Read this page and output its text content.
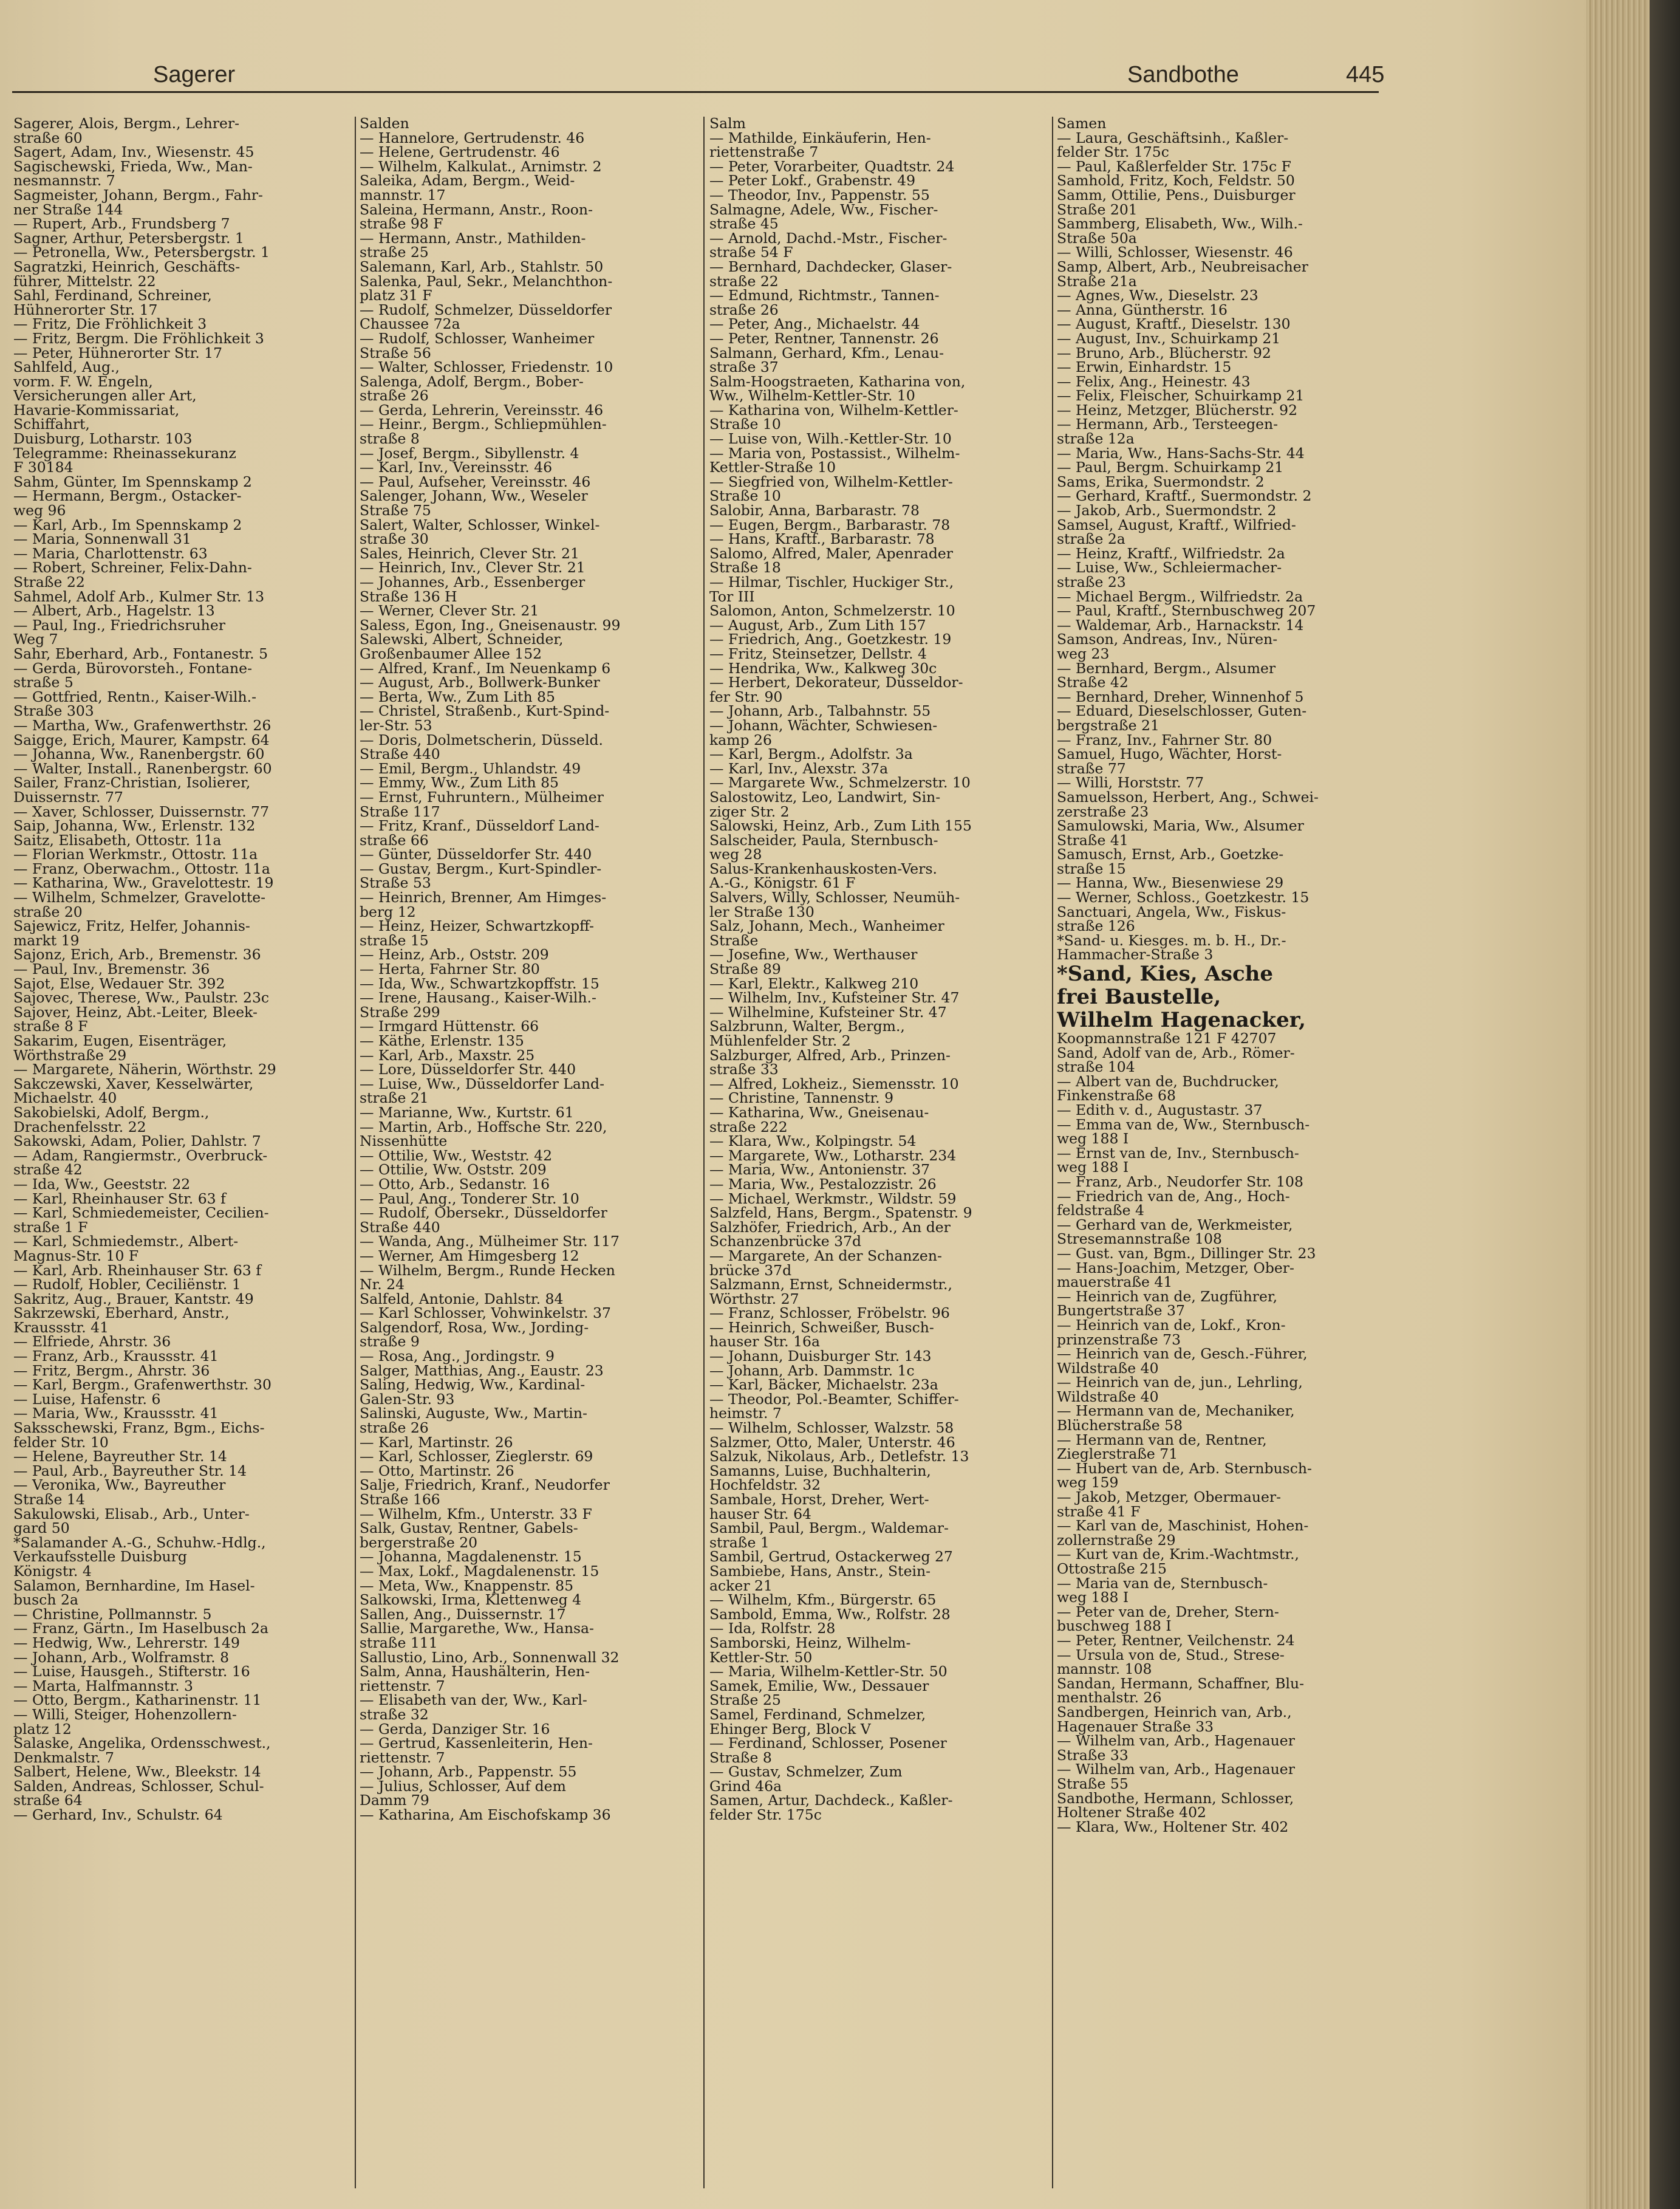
Sagerer	Sandbothe	445
Sagerer, Alois, Bergm., Lehrer-
straße 60
Sagert, Adam, Inv., Wiesenstr. 45
Sagischewski, Frieda, Ww., Man-
nesmannstr. 7
Sagmeister, Johann, Bergm., Fahr-
ner Straße 144
— Rupert, Arb., Frundsberg 7
Sagner, Arthur, Petersbergstr. 1
— Petronella, Ww., Petersbergstr. 1
Sagratzki, Heinrich, Geschäfts-
führer, Mittelstr. 22
Sahl, Ferdinand, Schreiner,
Hühnerorter Str. 17
— Fritz, Die Fröhlichkeit 3
— Fritz, Bergm. Die Fröhlichkeit 3
— Peter, Hühnerorter Str. 17
Sahlfeld, Aug.,
vorm. F. W. Engeln,
Versicherungen aller Art,
Havarie-Kommissariat,
Schiffahrt,
Duisburg, Lotharstr. 103
Telegramme: Rheinassekuranz
F 30184
Sahm, Günter, Im Spennskamp 2
— Hermann, Bergm., Ostacker-
weg 96
— Karl, Arb., Im Spennskamp 2
— Maria, Sonnenwall 31
— Maria, Charlottenstr. 63
— Robert, Schreiner, Felix-Dahn-
Straße 22
Sahmel, Adolf Arb., Kulmer Str. 13
— Albert, Arb., Hagelstr. 13
— Paul, Ing., Friedrichsruher
Weg 7
Sahr, Eberhard, Arb., Fontanestr. 5
— Gerda, Bürovorsteh., Fontane-
straße 5
— Gottfried, Rentn., Kaiser-Wilh.-
Straße 303
— Martha, Ww., Grafenwerthstr. 26
Saigge, Erich, Maurer, Kampstr. 64
— Johanna, Ww., Ranenbergstr. 60
— Walter, Install., Ranenbergstr. 60
Sailer, Franz-Christian, Isolierer,
Duissernstr. 77
— Xaver, Schlosser, Duissernstr. 77
Saip, Johanna, Ww., Erlenstr. 132
Saitz, Elisabeth, Ottostr. 11a
— Florian Werkmstr., Ottostr. 11a
— Franz, Oberwachm., Ottostr. 11a
— Katharina, Ww., Gravelottestr. 19
— Wilhelm, Schmelzer, Gravelotte-
straße 20
Sajewicz, Fritz, Helfer, Johannis-
markt 19
Sajonz, Erich, Arb., Bremenstr. 36
— Paul, Inv., Bremenstr. 36
Sajot, Else, Wedauer Str. 392
Sajovec, Therese, Ww., Paulstr. 23c
Sajover, Heinz, Abt.-Leiter, Bleek-
straße 8 F
Sakarim, Eugen, Eisenträger,
Wörthstraße 29
— Margarete, Näherin, Wörthstr. 29
Sakczewski, Xaver, Kesselwärter,
Michaelstr. 40
Sakobielski, Adolf, Bergm.,
Drachenfelsstr. 22
Sakowski, Adam, Polier, Dahlstr. 7
— Adam, Rangiermstr., Overbruck-
straße 42
— Ida, Ww., Geeststr. 22
— Karl, Rheinhauser Str. 63 f
— Karl, Schmiedemeister, Cecilien-
straße 1 F
— Karl, Schmiedemstr., Albert-
Magnus-Str. 10 F
— Karl, Arb. Rheinhauser Str. 63 f
— Rudolf, Hobler, Ceciliënstr. 1
Sakritz, Aug., Brauer, Kantstr. 49
Sakrzewski, Eberhard, Anstr.,
Kraussstr. 41
— Elfriede, Ahrstr. 36
— Franz, Arb., Kraussstr. 41
— Fritz, Bergm., Ahrstr. 36
— Karl, Bergm., Grafenwerthstr. 30
— Luise, Hafenstr. 6
— Maria, Ww., Kraussstr. 41
Saksschewski, Franz, Bgm., Eichs-
felder Str. 10
— Helene, Bayreuther Str. 14
— Paul, Arb., Bayreuther Str. 14
— Veronika, Ww., Bayreuther
Straße 14
Sakulowski, Elisab., Arb., Unter-
gard 50
*Salamander A.-G., Schuhw.-Hdlg.,
Verkaufsstelle Duisburg
Königstr. 4
Salamon, Bernhardine, Im Hasel-
busch 2a
— Christine, Pollmannstr. 5
— Franz, Gärtn., Im Haselbusch 2a
— Hedwig, Ww., Lehrerstr. 149
— Johann, Arb., Wolframstr. 8
— Luise, Hausgeh., Stifterstr. 16
— Marta, Halfmannstr. 3
— Otto, Bergm., Katharinenstr. 11
— Willi, Steiger, Hohenzollern-
platz 12
Salaske, Angelika, Ordensschwest.,
Denkmalstr. 7
Salbert, Helene, Ww., Bleekstr. 14
Salden, Andreas, Schlosser, Schul-
straße 64
— Gerhard, Inv., Schulstr. 64
Salden
— Hannelore, Gertrudenstr. 46
— Helene, Gertrudenstr. 46
— Wilhelm, Kalkulat., Arnimstr. 2
Saleika, Adam, Bergm., Weid-
mannstr. 17
Saleina, Hermann, Anstr., Roon-
straße 98 F
— Hermann, Anstr., Mathilden-
straße 25
Salemann, Karl, Arb., Stahlstr. 50
Salenka, Paul, Sekr., Melanchthon-
platz 31 F
— Rudolf, Schmelzer, Düsseldorfer
Chaussee 72a
— Rudolf, Schlosser, Wanheimer
Straße 56
— Walter, Schlosser, Friedenstr. 10
Salenga, Adolf, Bergm., Bober-
straße 26
— Gerda, Lehrerin, Vereinsstr. 46
— Heinr., Bergm., Schliepmühlen-
straße 8
— Josef, Bergm., Sibyllenstr. 4
— Karl, Inv., Vereinsstr. 46
— Paul, Aufseher, Vereinsstr. 46
Salenger, Johann, Ww., Weseler
Straße 75
Salert, Walter, Schlosser, Winkel-
straße 30
Sales, Heinrich, Clever Str. 21
— Heinrich, Inv., Clever Str. 21
— Johannes, Arb., Essenberger
Straße 136 H
— Werner, Clever Str. 21
Saless, Egon, Ing., Gneisenaustr. 99
Salewski, Albert, Schneider,
Großenbaumer Allee 152
— Alfred, Kranf., Im Neuenkamp 6
— August, Arb., Bollwerk-Bunker
— Berta, Ww., Zum Lith 85
— Christel, Straßenb., Kurt-Spind-
ler-Str. 53
— Doris, Dolmetscherin, Düsseld.
Straße 440
— Emil, Bergm., Uhlandstr. 49
— Emmy, Ww., Zum Lith 85
— Ernst, Fuhruntern., Mülheimer
Straße 117
— Fritz, Kranf., Düsseldorf Land-
straße 66
— Günter, Düsseldorfer Str. 440
— Gustav, Bergm., Kurt-Spindler-
Straße 53
— Heinrich, Brenner, Am Himges-
berg 12
— Heinz, Heizer, Schwartzkopff-
straße 15
— Heinz, Arb., Oststr. 209
— Herta, Fahrner Str. 80
— Ida, Ww., Schwartzkopffstr. 15
— Irene, Hausang., Kaiser-Wilh.-
Straße 299
— Irmgard Hüttenstr. 66
— Käthe, Erlenstr. 135
— Karl, Arb., Maxstr. 25
— Lore, Düsseldorfer Str. 440
— Luise, Ww., Düsseldorfer Land-
straße 21
— Marianne, Ww., Kurtstr. 61
— Martin, Arb., Hoffsche Str. 220,
Nissenhütte
— Ottilie, Ww., Weststr. 42
— Ottilie, Ww. Oststr. 209
— Otto, Arb., Sedanstr. 16
— Paul, Ang., Tonderer Str. 10
— Rudolf, Obersekr., Düsseldorfer
Straße 440
— Wanda, Ang., Mülheimer Str. 117
— Werner, Am Himgesberg 12
— Wilhelm, Bergm., Runde Hecken
Nr. 24
Salfeld, Antonie, Dahlstr. 84
— Karl Schlosser, Vohwinkelstr. 37
Salgendorf, Rosa, Ww., Jording-
straße 9
— Rosa, Ang., Jordingstr. 9
Salger, Matthias, Ang., Eaustr. 23
Saling, Hedwig, Ww., Kardinal-
Galen-Str. 93
Salinski, Auguste, Ww., Martin-
straße 26
— Karl, Martinstr. 26
— Karl, Schlosser, Zieglerstr. 69
— Otto, Martinstr. 26
Salje, Friedrich, Kranf., Neudorfer
Straße 166
— Wilhelm, Kfm., Unterstr. 33 F
Salk, Gustav, Rentner, Gabels-
bergerstraße 20
— Johanna, Magdalenenstr. 15
— Max, Lokf., Magdalenenstr. 15
— Meta, Ww., Knappenstr. 85
Salkowski, Irma, Klettenweg 4
Sallen, Ang., Duissernstr. 17
Sallie, Margarethe, Ww., Hansa-
straße 111
Sallustio, Lino, Arb., Sonnenwall 32
Salm, Anna, Haushälterin, Hen-
riettenstr. 7
— Elisabeth van der, Ww., Karl-
straße 32
— Gerda, Danziger Str. 16
— Gertrud, Kassenleiterin, Hen-
riettenstr. 7
— Johann, Arb., Pappenstr. 55
— Julius, Schlosser, Auf dem
Damm 79
— Katharina, Am Eischofskamp 36
Salm
— Mathilde, Einkäuferin, Hen-
riettenstraße 7
— Peter, Vorarbeiter, Quadtstr. 24
— Peter Lokf., Grabenstr. 49
— Theodor, Inv., Pappenstr. 55
Salmagne, Adele, Ww., Fischer-
straße 45
— Arnold, Dachd.-Mstr., Fischer-
straße 54 F
— Bernhard, Dachdecker, Glaser-
straße 22
— Edmund, Richtmstr., Tannen-
straße 26
— Peter, Ang., Michaelstr. 44
— Peter, Rentner, Tannenstr. 26
Salmann, Gerhard, Kfm., Lenau-
straße 37
Salm-Hoogstraeten, Katharina von,
Ww., Wilhelm-Kettler-Str. 10
— Katharina von, Wilhelm-Kettler-
Straße 10
— Luise von, Wilh.-Kettler-Str. 10
— Maria von, Postassist., Wilhelm-
Kettler-Straße 10
— Siegfried von, Wilhelm-Kettler-
Straße 10
Salobir, Anna, Barbarastr. 78
— Eugen, Bergm., Barbarastr. 78
— Hans, Kraftf., Barbarastr. 78
Salomo, Alfred, Maler, Apenrader
Straße 18
— Hilmar, Tischler, Huckiger Str.,
Tor III
Salomon, Anton, Schmelzerstr. 10
— August, Arb., Zum Lith 157
— Friedrich, Ang., Goetzkestr. 19
— Fritz, Steinsetzer, Dellstr. 4
— Hendrika, Ww., Kalkweg 30c
— Herbert, Dekorateur, Düsseldor-
fer Str. 90
— Johann, Arb., Talbahnstr. 55
— Johann, Wächter, Schwiesen-
kamp 26
— Karl, Bergm., Adolfstr. 3a
— Karl, Inv., Alexstr. 37a
— Margarete Ww., Schmelzerstr. 10
Salostowitz, Leo, Landwirt, Sin-
ziger Str. 2
Salowski, Heinz, Arb., Zum Lith 155
Salscheider, Paula, Sternbusch-
weg 28
Salus-Krankenhauskosten-Vers.
A.-G., Königstr. 61 F
Salvers, Willy, Schlosser, Neumüh-
ler Straße 130
Salz, Johann, Mech., Wanheimer
Straße
— Josefine, Ww., Werthauser
Straße 89
— Karl, Elektr., Kalkweg 210
— Wilhelm, Inv., Kufsteiner Str. 47
— Wilhelmine, Kufsteiner Str. 47
Salzbrunn, Walter, Bergm.,
Mühlenfelder Str. 2
Salzburger, Alfred, Arb., Prinzen-
straße 33
— Alfred, Lokheiz., Siemensstr. 10
— Christine, Tannenstr. 9
— Katharina, Ww., Gneisenau-
straße 222
— Klara, Ww., Kolpingstr. 54
— Margarete, Ww., Lotharstr. 234
— Maria, Ww., Antonienstr. 37
— Maria, Ww., Pestalozzistr. 26
— Michael, Werkmstr., Wildstr. 59
Salzfeld, Hans, Bergm., Spatenstr. 9
Salzhöfer, Friedrich, Arb., An der
Schanzenbrücke 37d
— Margarete, An der Schanzen-
brücke 37d
Salzmann, Ernst, Schneidermstr.,
Wörthstr. 27
— Franz, Schlosser, Fröbelstr. 96
— Heinrich, Schweißer, Busch-
hauser Str. 16a
— Johann, Duisburger Str. 143
— Johann, Arb. Dammstr. 1c
— Karl, Bäcker, Michaelstr. 23a
— Theodor, Pol.-Beamter, Schiffer-
heimstr. 7
— Wilhelm, Schlosser, Walzstr. 58
Salzmer, Otto, Maler, Unterstr. 46
Salzuk, Nikolaus, Arb., Detlefstr. 13
Samanns, Luise, Buchhalterin,
Hochfeldstr. 32
Sambale, Horst, Dreher, Wert-
hauser Str. 64
Sambil, Paul, Bergm., Waldemar-
straße 1
Sambil, Gertrud, Ostackerweg 27
Sambiebe, Hans, Anstr., Stein-
acker 21
— Wilhelm, Kfm., Bürgerstr. 65
Sambold, Emma, Ww., Rolfstr. 28
— Ida, Rolfstr. 28
Samborski, Heinz, Wilhelm-
Kettler-Str. 50
— Maria, Wilhelm-Kettler-Str. 50
Samek, Emilie, Ww., Dessauer
Straße 25
Samel, Ferdinand, Schmelzer,
Ehinger Berg, Block V
— Ferdinand, Schlosser, Posener
Straße 8
— Gustav, Schmelzer, Zum
Grind 46a
Samen, Artur, Dachdeck., Kaßler-
felder Str. 175c
Samen
— Laura, Geschäftsinh., Kaßler-
felder Str. 175c
— Paul, Kaßlerfelder Str. 175c F
Samhold, Fritz, Koch, Feldstr. 50
Samm, Ottilie, Pens., Duisburger
Straße 201
Sammberg, Elisabeth, Ww., Wilh.-
Straße 50a
— Willi, Schlosser, Wiesenstr. 46
Samp, Albert, Arb., Neubreisacher
Straße 21a
— Agnes, Ww., Dieselstr. 23
— Anna, Güntherstr. 16
— August, Kraftf., Dieselstr. 130
— August, Inv., Schuirkamp 21
— Bruno, Arb., Blücherstr. 92
— Erwin, Einhardstr. 15
— Felix, Ang., Heinestr. 43
— Felix, Fleischer, Schuirkamp 21
— Heinz, Metzger, Blücherstr. 92
— Hermann, Arb., Tersteegen-
straße 12a
— Maria, Ww., Hans-Sachs-Str. 44
— Paul, Bergm. Schuirkamp 21
Sams, Erika, Suermondstr. 2
— Gerhard, Kraftf., Suermondstr. 2
— Jakob, Arb., Suermondstr. 2
Samsel, August, Kraftf., Wilfried-
straße 2a
— Heinz, Kraftf., Wilfriedstr. 2a
— Luise, Ww., Schleiermacher-
straße 23
— Michael Bergm., Wilfriedstr. 2a
— Paul, Kraftf., Sternbuschweg 207
— Waldemar, Arb., Harnackstr. 14
Samson, Andreas, Inv., Nüren-
weg 23
— Bernhard, Bergm., Alsumer
Straße 42
— Bernhard, Dreher, Winnenhof 5
— Eduard, Dieselschlosser, Guten-
bergstraße 21
— Franz, Inv., Fahrner Str. 80
Samuel, Hugo, Wächter, Horst-
straße 77
— Willi, Horststr. 77
Samuelsson, Herbert, Ang., Schwei-
zerstraße 23
Samulowski, Maria, Ww., Alsumer
Straße 41
Samusch, Ernst, Arb., Goetzke-
straße 15
— Hanna, Ww., Biesenwiese 29
— Werner, Schloss., Goetzkestr. 15
Sanctuari, Angela, Ww., Fiskus-
straße 126
*Sand- u. Kiesges. m. b. H., Dr.-
Hammacher-Straße 3
*Sand, Kies, Asche
frei Baustelle,
Wilhelm Hagenacker,
Koopmannstraße 121 F 42707
Sand, Adolf van de, Arb., Römer-
straße 104
— Albert van de, Buchdrucker,
Finkenstraße 68
— Edith v. d., Augustastr. 37
— Emma van de, Ww., Sternbusch-
weg 188 I
— Ernst van de, Inv., Sternbusch-
weg 188 I
— Franz, Arb., Neudorfer Str. 108
— Friedrich van de, Ang., Hoch-
feldstraße 4
— Gerhard van de, Werkmeister,
Stresemannstraße 108
— Gust. van, Bgm., Dillinger Str. 23
— Hans-Joachim, Metzger, Ober-
mauerstraße 41
— Heinrich van de, Zugführer,
Bungertstraße 37
— Heinrich van de, Lokf., Kron-
prinzenstraße 73
— Heinrich van de, Gesch.-Führer,
Wildstraße 40
— Heinrich van de, jun., Lehrling,
Wildstraße 40
— Hermann van de, Mechaniker,
Blücherstraße 58
— Hermann van de, Rentner,
Zieglerstraße 71
— Hubert van de, Arb. Sternbusch-
weg 159
— Jakob, Metzger, Obermauer-
straße 41 F
— Karl van de, Maschinist, Hohen-
zollernstraße 29
— Kurt van de, Krim.-Wachtmstr.,
Ottostraße 215
— Maria van de, Sternbusch-
weg 188 I
— Peter van de, Dreher, Stern-
buschweg 188 I
— Peter, Rentner, Veilchenstr. 24
— Ursula von de, Stud., Strese-
mannstr. 108
Sandan, Hermann, Schaffner, Blu-
menthalstr. 26
Sandbergen, Heinrich van, Arb.,
Hagenauer Straße 33
— Wilhelm van, Arb., Hagenauer
Straße 33
— Wilhelm van, Arb., Hagenauer
Straße 55
Sandbothe, Hermann, Schlosser,
Holtener Straße 402
— Klara, Ww., Holtener Str. 402
